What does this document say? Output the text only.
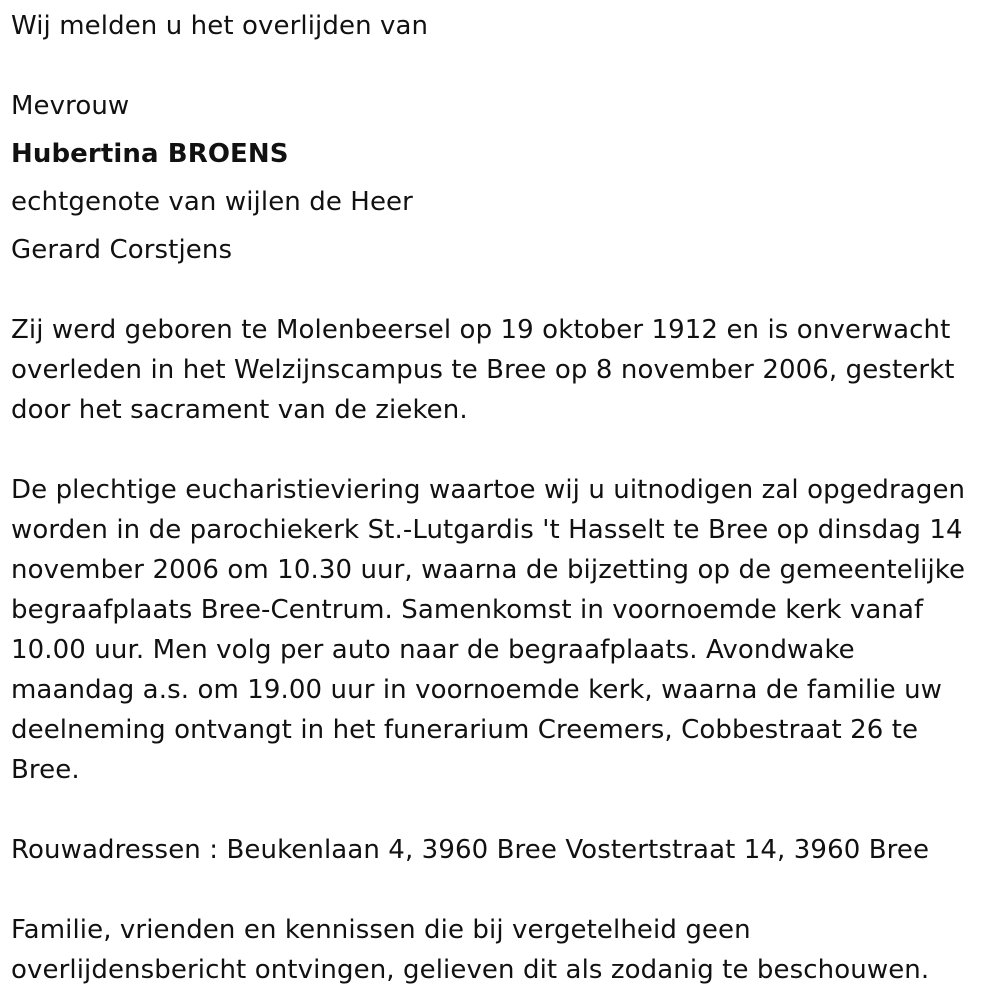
Wij melden u het overlijden van
Mevrouw
Hubertina BROENS
echtgenote van wijlen de Heer
Gerard Corstjens
Zij werd geboren te Molenbeersel op 19 oktober 1912 en is onverwacht
overleden in het Welzijnscampus te Bree op 8 november 2006, gesterkt
door het sacrament van de zieken.
De plechtige eucharistieviering waartoe wij u uitnodigen zal opgedragen
worden in de parochiekerk St.-Lutgardis 't Hasselt te Bree op dinsdag 14
november 2006 om 10.30 uur, waarna de bijzetting op de gemeentelijke
begraafplaats Bree-Centrum. Samenkomst in voornoemde kerk vanaf
10.00 uur. Men volg per auto naar de begraafplaats. Avondwake
maandag a.s. om 19.00 uur in voornoemde kerk, waarna de familie uw
deelneming ontvangt in het funerarium Creemers, Cobbestraat 26 te
Bree.
Rouwadressen : Beukenlaan 4, 3960 Bree Vostertstraat 14, 3960 Bree
Familie, vrienden en kennissen die bij vergetelheid geen
overlijdensbericht ontvingen, gelieven dit als zodanig te beschouwen.
